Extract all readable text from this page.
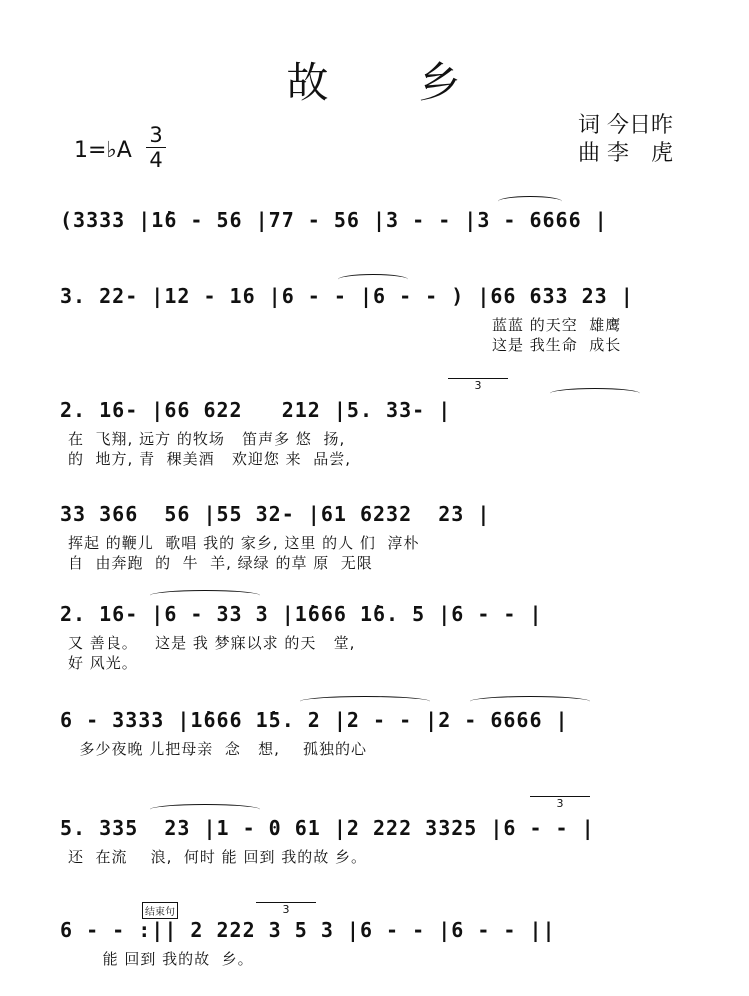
故　　乡
词 今日昨
曲 李　虎
1=♭A
3
4
(3333 |1̇6 - 56 |77 - 56 |3 - - |3 - 6666 |
3. 22- |12 - 16 |6 - - |6 - - ) |66 633 23 |
蓝蓝 的天空  雄鹰
这是 我生命  成长
2. 16- |66 622   212 |5. 33- |
3
在  飞翔, 远方 的牧场   笛声多 悠  扬,
的  地方, 青  稞美酒   欢迎您 来  品尝,
33 366  56 |55 32- |61 6232  23 |
挥起 的鞭儿  歌唱 我的 家乡, 这里 的人 们  淳朴
自  由奔跑  的  牛  羊, 绿绿 的草 原  无限
2. 16- |6 - 33 3 |1̇666 1̇6. 5 |6 - - |
又 善良。   这是 我 梦寐以求 的天   堂,
好 风光。
6 - 3333 |1̇666 1̇5. 2 |2 - - |2 - 6666 |
多少夜晚 儿把母亲  念   想,    孤独的心
5. 335  23 |1 - 0 61 |2 222 3325 |6 - - |
3
还  在流    浪,  何时 能 回到 我的故 乡。
结束句	3
6 - - :|| 2 222 3 5 3 |6 - - |6 - - ||
能 回到 我的故  乡。
